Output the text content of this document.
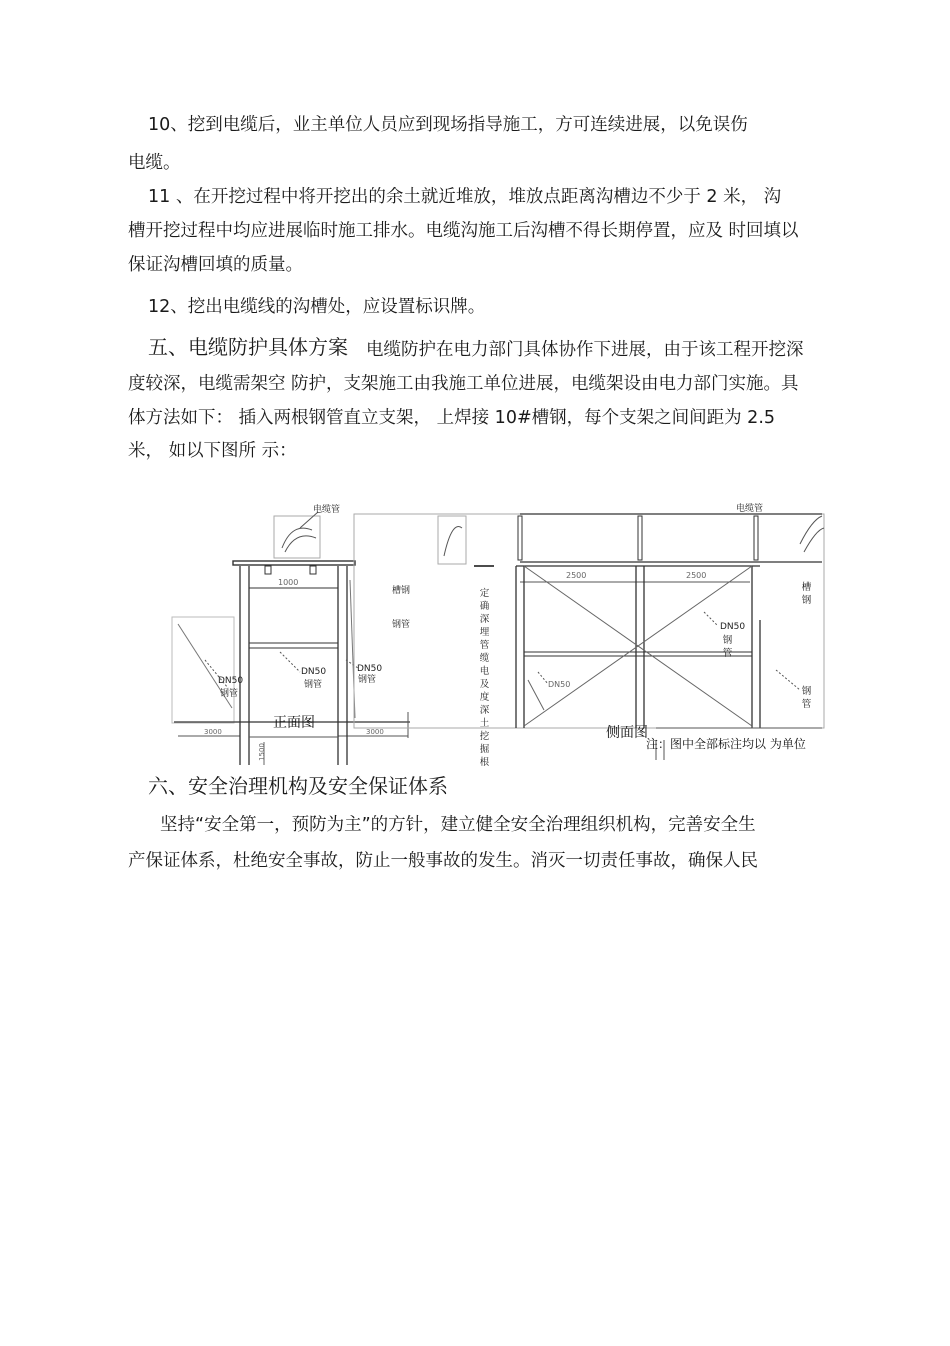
10、挖到电缆后，业主单位人员应到现场指导施工，方可连续进展，以免误伤
电缆。
11 、在开挖过程中将开挖出的余土就近堆放，堆放点距离沟槽边不少于 2 米， 沟
槽开挖过程中均应进展临时施工排水。电缆沟施工后沟槽不得长期停置，应及 时回填以
保证沟槽回填的质量。
12、挖出电缆线的沟槽处，应设置标识牌。
五、电缆防护具体方案 电缆防护在电力部门具体协作下进展，由于该工程开挖深
度较深，电缆需架空 防护，支架施工由我施工单位进展，电缆架设由电力部门实施。具
体方法如下： 插入两根钢管直立支架， 上焊接 10#槽钢，每个支架之间间距为 2.5
米， 如以下图所 示：
电缆管
1000
DN50
钢管
DN50
钢管
DN50
钢管
3000	3000
1500
正面图
槽钢
钢管
定确深埋管缆电及度深土挖掘根
电缆管
2500	2500
槽钢
DN50
钢管
钢管
DN50
侧面图
注：图中全部标注均以 为单位
六、安全治理机构及安全保证体系
坚持“安全第一，预防为主”的方针，建立健全安全治理组织机构，完善安全生
产保证体系，杜绝安全事故，防止一般事故的发生。消灭一切责任事故，确保人民
